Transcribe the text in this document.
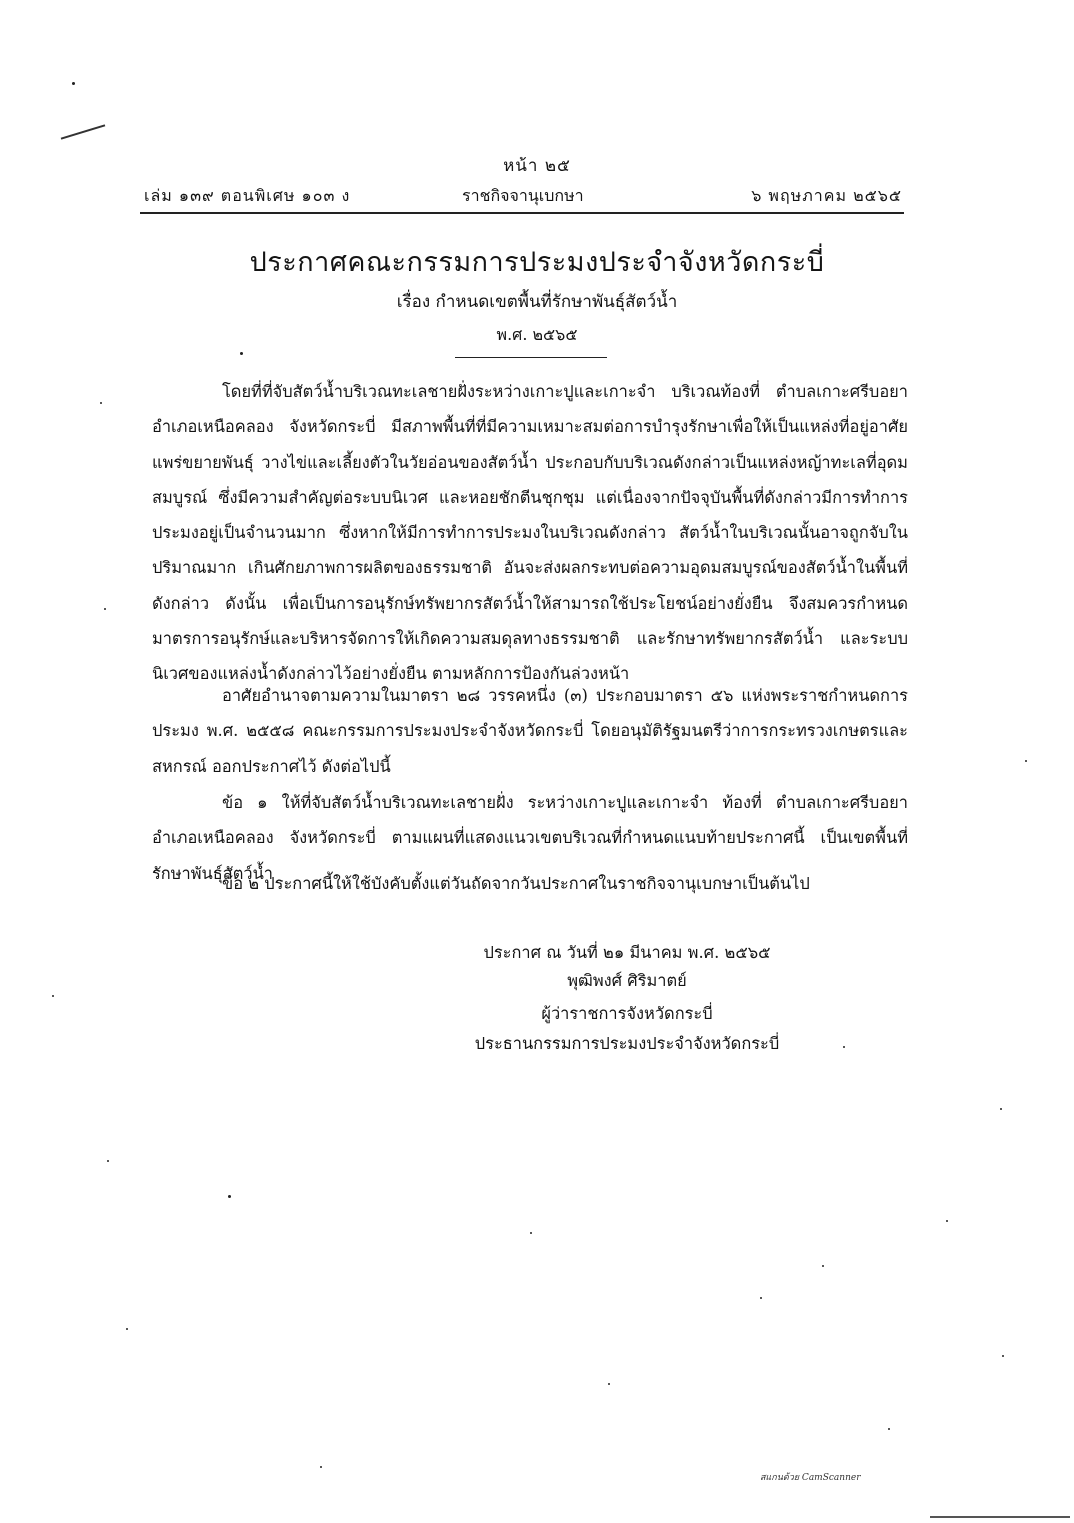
หน้า ๒๕
เล่ม ๑๓๙ ตอนพิเศษ ๑๐๓ ง	ราชกิจจานุเบกษา	๖ พฤษภาคม ๒๕๖๕
ประกาศคณะกรรมการประมงประจำจังหวัดกระบี่
เรื่อง กำหนดเขตพื้นที่รักษาพันธุ์สัตว์น้ำ
พ.ศ. ๒๕๖๕

โดยที่ที่จับสัตว์น้ำบริเวณทะเลชายฝั่งระหว่างเกาะปูและเกาะจำ บริเวณท้องที่ ตำบลเกาะศรีบอยา อำเภอเหนือคลอง จังหวัดกระบี่ มีสภาพพื้นที่ที่มีความเหมาะสมต่อการบำรุงรักษาเพื่อให้เป็นแหล่งที่อยู่อาศัย แพร่ขยายพันธุ์ วางไข่และเลี้ยงตัวในวัยอ่อนของสัตว์น้ำ ประกอบกับบริเวณดังกล่าวเป็นแหล่งหญ้าทะเลที่อุดมสมบูรณ์ ซึ่งมีความสำคัญต่อระบบนิเวศ และหอยชักตีนชุกชุม แต่เนื่องจากปัจจุบันพื้นที่ดังกล่าวมีการทำการประมงอยู่เป็นจำนวนมาก ซึ่งหากให้มีการทำการประมงในบริเวณดังกล่าว สัตว์น้ำในบริเวณนั้นอาจถูกจับในปริมาณมาก เกินศักยภาพการผลิตของธรรมชาติ อันจะส่งผลกระทบต่อความอุดมสมบูรณ์ของสัตว์น้ำในพื้นที่ดังกล่าว ดังนั้น เพื่อเป็นการอนุรักษ์ทรัพยากรสัตว์น้ำให้สามารถใช้ประโยชน์อย่างยั่งยืน จึงสมควรกำหนดมาตรการอนุรักษ์และบริหารจัดการให้เกิดความสมดุลทางธรรมชาติ และรักษาทรัพยากรสัตว์น้ำ และระบบนิเวศของแหล่งน้ำดังกล่าวไว้อย่างยั่งยืน ตามหลักการป้องกันล่วงหน้า

อาศัยอำนาจตามความในมาตรา ๒๘ วรรคหนึ่ง (๓) ประกอบมาตรา ๕๖ แห่งพระราชกำหนดการประมง พ.ศ. ๒๕๕๘ คณะกรรมการประมงประจำจังหวัดกระบี่ โดยอนุมัติรัฐมนตรีว่าการกระทรวงเกษตรและสหกรณ์ ออกประกาศไว้ ดังต่อไปนี้

ข้อ ๑ ให้ที่จับสัตว์น้ำบริเวณทะเลชายฝั่ง ระหว่างเกาะปูและเกาะจำ ท้องที่ ตำบลเกาะศรีบอยา อำเภอเหนือคลอง จังหวัดกระบี่ ตามแผนที่แสดงแนวเขตบริเวณที่กำหนดแนบท้ายประกาศนี้ เป็นเขตพื้นที่รักษาพันธุ์สัตว์น้ำ

ข้อ ๒ ประกาศนี้ให้ใช้บังคับตั้งแต่วันถัดจากวันประกาศในราชกิจจานุเบกษาเป็นต้นไป

ประกาศ ณ วันที่ ๒๑ มีนาคม พ.ศ. ๒๕๖๕
พุฒิพงศ์ ศิริมาตย์
ผู้ว่าราชการจังหวัดกระบี่
ประธานกรรมการประมงประจำจังหวัดกระบี่
สแกนด้วย CamScanner
